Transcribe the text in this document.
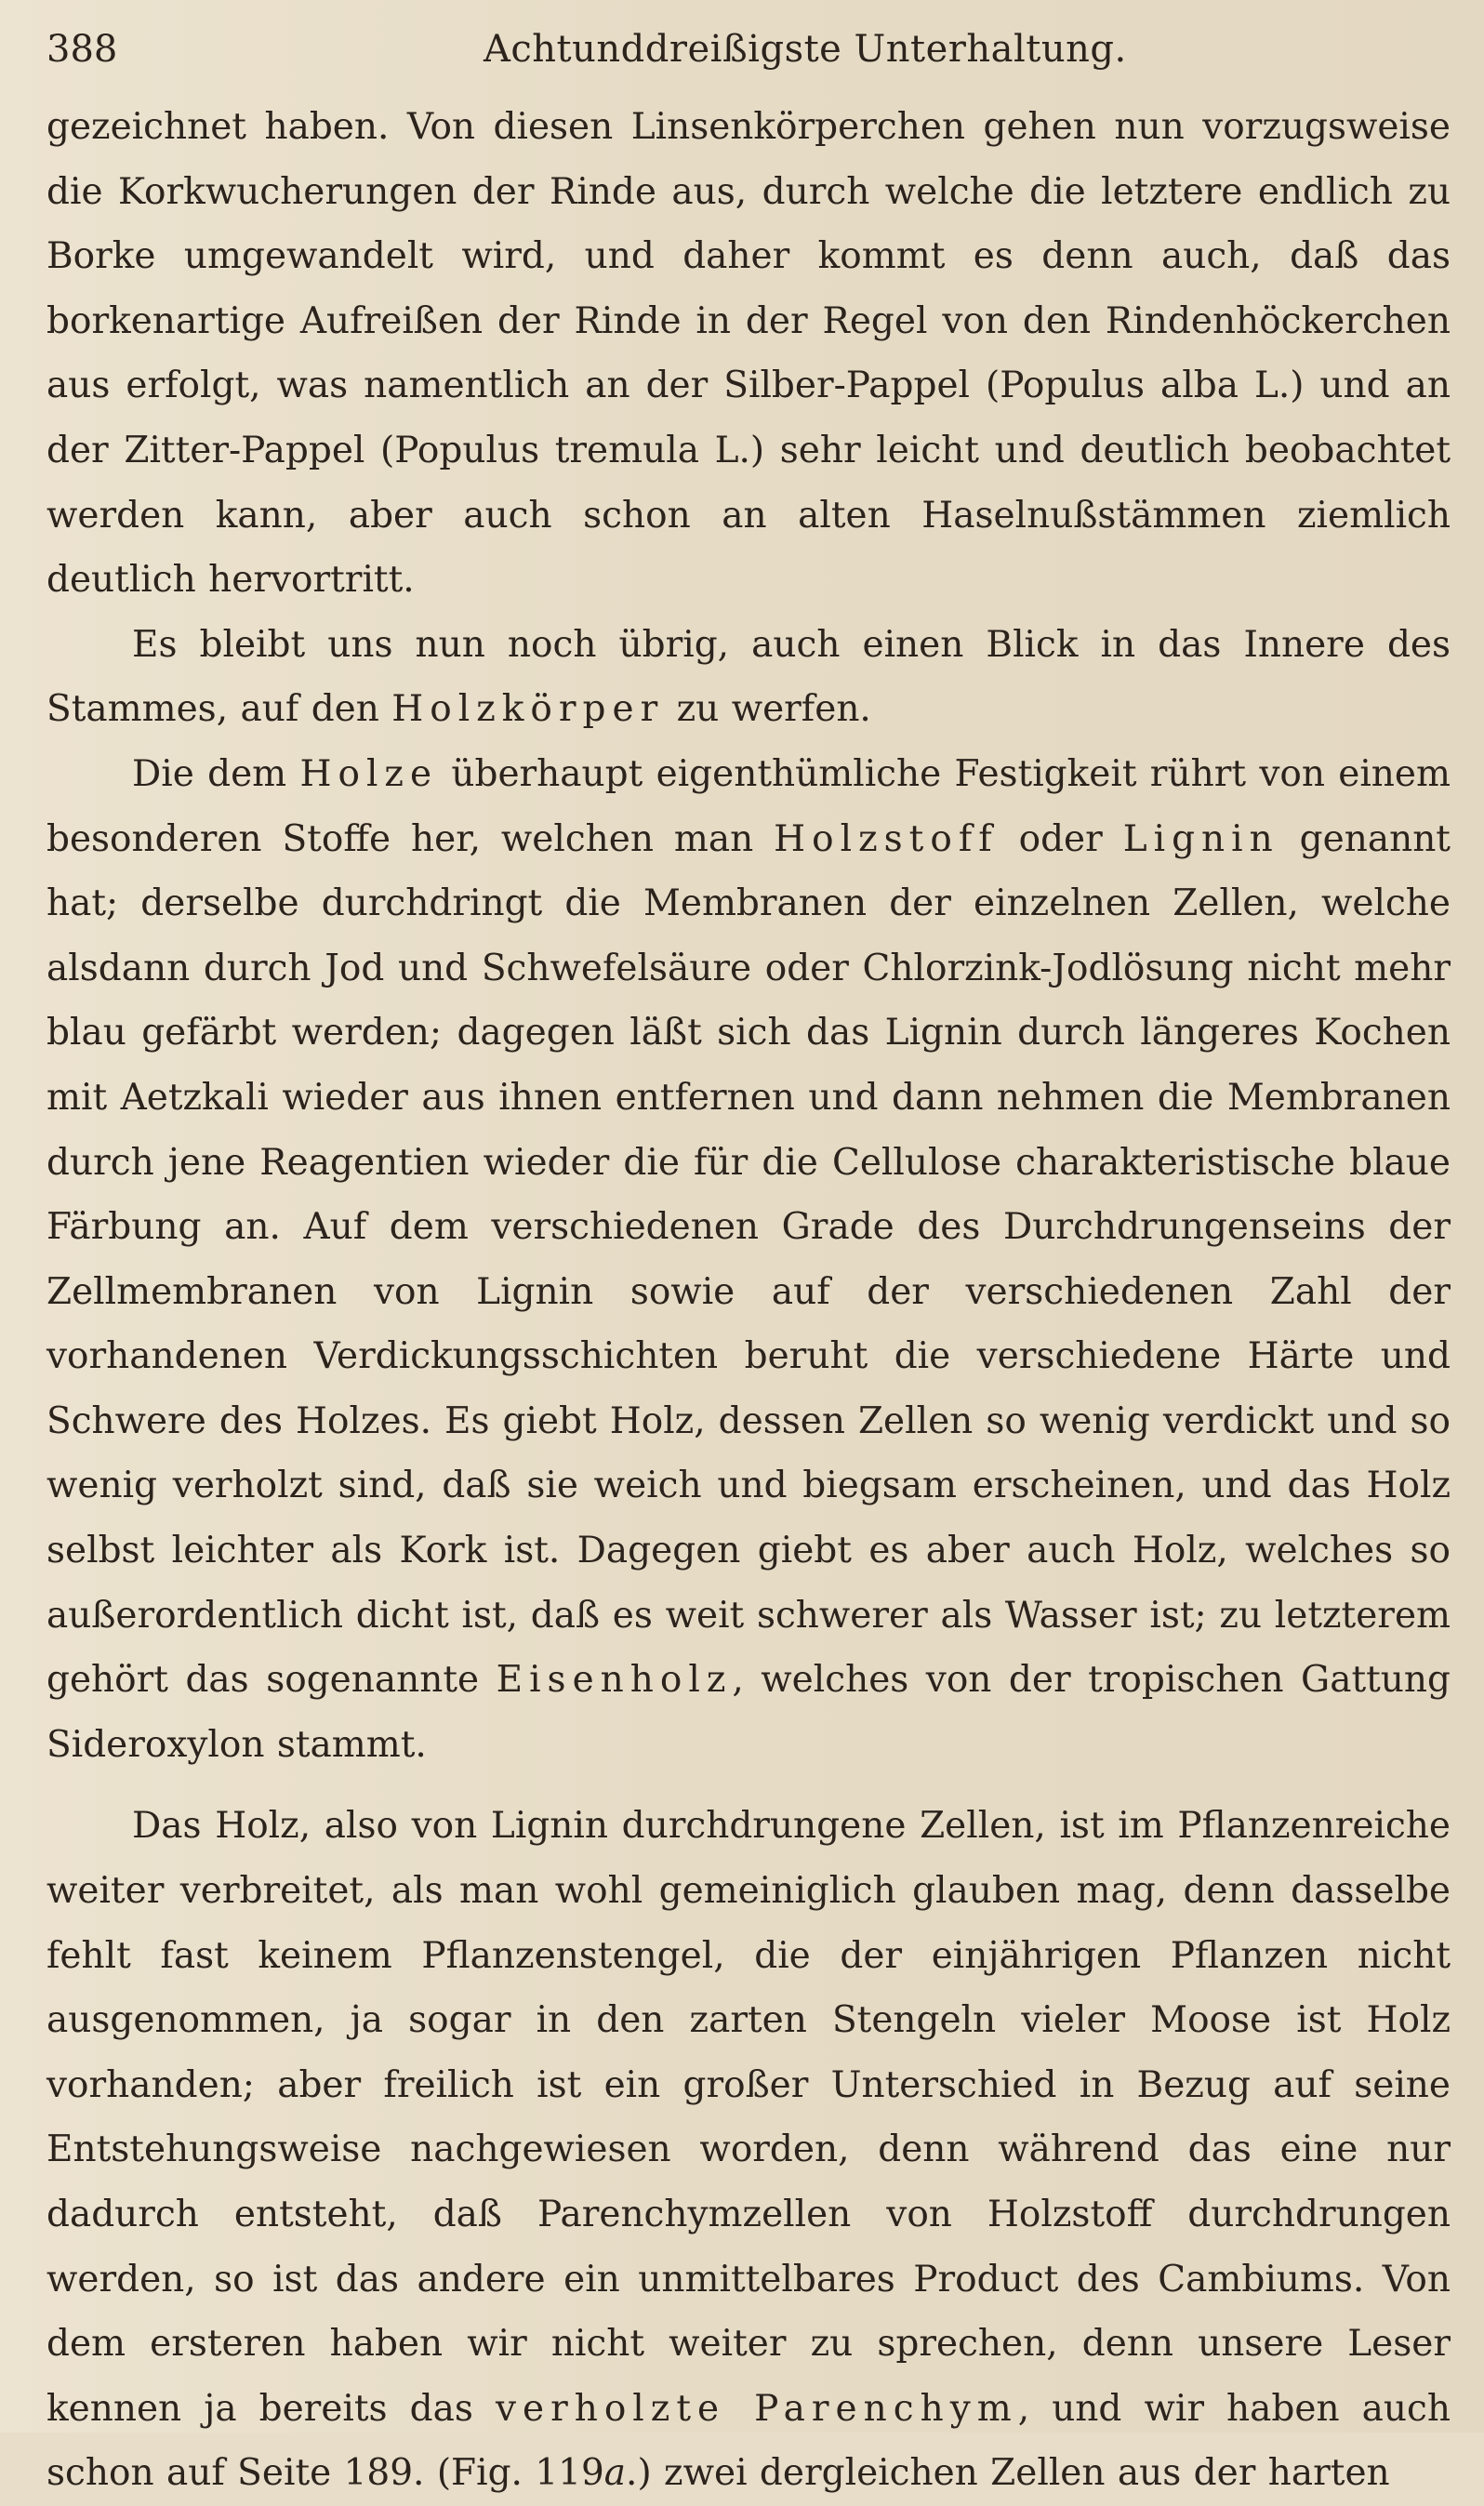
388	Achtunddreißigste Unterhaltung.

gezeichnet haben. Von diesen Linsenkörperchen gehen nun vorzugsweise die Korkwucherungen der Rinde aus, durch welche die letztere endlich zu Borke umgewandelt wird, und daher kommt es denn auch, daß das borkenartige Aufreißen der Rinde in der Regel von den Rindenhöckerchen aus erfolgt, was namentlich an der Silber-Pappel (Populus alba L.) und an der Zitter-Pappel (Populus tremula L.) sehr leicht und deutlich beobachtet werden kann, aber auch schon an alten Haselnußstämmen ziemlich deutlich hervortritt.

Es bleibt uns nun noch übrig, auch einen Blick in das Innere des Stammes, auf den Holzkörper zu werfen.

Die dem Holze überhaupt eigenthümliche Festigkeit rührt von einem besonderen Stoffe her, welchen man Holzstoff oder Lignin genannt hat; derselbe durchdringt die Membranen der einzelnen Zellen, welche alsdann durch Jod und Schwefelsäure oder Chlorzink-Jodlösung nicht mehr blau gefärbt werden; dagegen läßt sich das Lignin durch längeres Kochen mit Aetzkali wieder aus ihnen entfernen und dann nehmen die Membranen durch jene Reagentien wieder die für die Cellulose charakteristische blaue Färbung an. Auf dem verschiedenen Grade des Durchdrungenseins der Zellmembranen von Lignin sowie auf der verschiedenen Zahl der vorhandenen Verdickungsschichten beruht die verschiedene Härte und Schwere des Holzes. Es giebt Holz, dessen Zellen so wenig verdickt und so wenig verholzt sind, daß sie weich und biegsam erscheinen, und das Holz selbst leichter als Kork ist. Dagegen giebt es aber auch Holz, welches so außerordentlich dicht ist, daß es weit schwerer als Wasser ist; zu letzterem gehört das sogenannte Eisenholz, welches von der tropischen Gattung Sideroxylon stammt.

Das Holz, also von Lignin durchdrungene Zellen, ist im Pflanzenreiche weiter verbreitet, als man wohl gemeiniglich glauben mag, denn dasselbe fehlt fast keinem Pflanzenstengel, die der einjährigen Pflanzen nicht ausgenommen, ja sogar in den zarten Stengeln vieler Moose ist Holz vorhanden; aber freilich ist ein großer Unterschied in Bezug auf seine Entstehungsweise nachgewiesen worden, denn während das eine nur dadurch entsteht, daß Parenchymzellen von Holzstoff durchdrungen werden, so ist das andere ein unmittelbares Product des Cambiums. Von dem ersteren haben wir nicht weiter zu sprechen, denn unsere Leser kennen ja bereits das verholzte Parenchym, und wir haben auch schon auf Seite 189. (Fig. 119a.) zwei dergleichen Zellen aus der harten
